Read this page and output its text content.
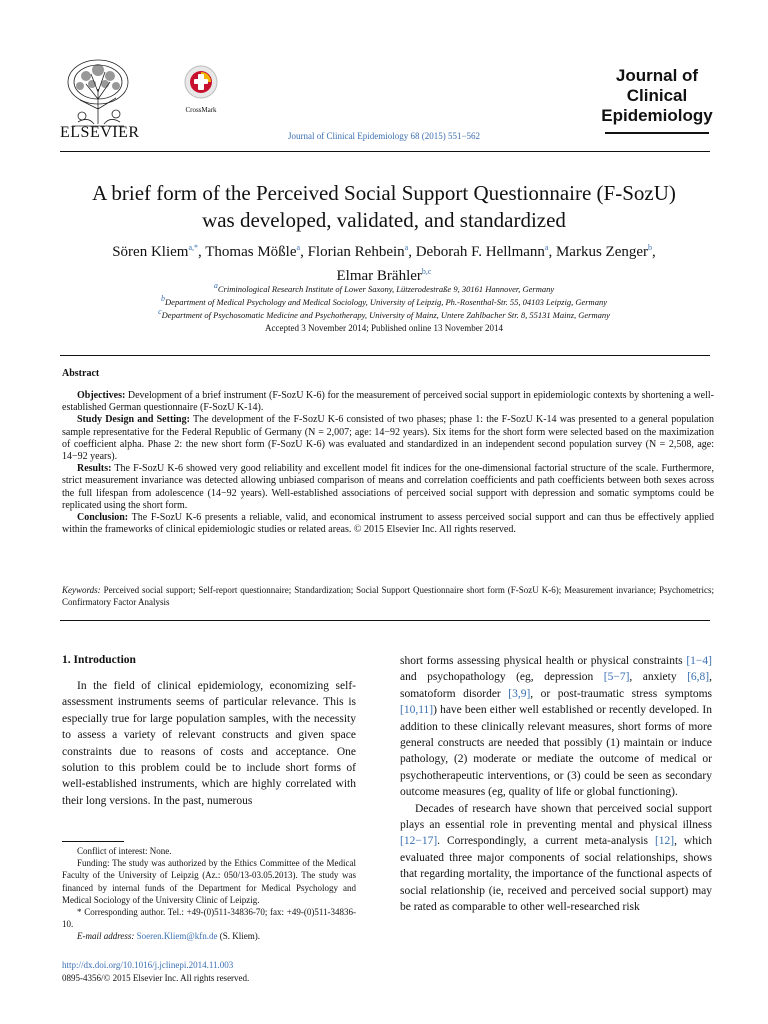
ELSEVIER
CrossMark
Journal of Clinical Epidemiology 68 (2015) 551−562
Journal of
Clinical
Epidemiology
A brief form of the Perceived Social Support Questionnaire (F-SozU)
was developed, validated, and standardized
Sören Kliem$^{a,*}$, Thomas Mößle$^a$, Florian Rehbein$^a$, Deborah F. Hellmann$^a$, Markus Zenger$^b$,
Elmar Brähler$^{b,c}$
$^a$Criminological Research Institute of Lower Saxony, Lützerodestraße 9, 30161 Hannover, Germany
$^b$Department of Medical Psychology and Medical Sociology, University of Leipzig, Ph.-Rosenthal-Str. 55, 04103 Leipzig, Germany
$^c$Department of Psychosomatic Medicine and Psychotherapy, University of Mainz, Untere Zahlbacher Str. 8, 55131 Mainz, Germany
Accepted 3 November 2014; Published online 13 November 2014
Abstract

Objectives: Development of a brief instrument (F-SozU K-6) for the measurement of perceived social support in epidemiologic contexts by shortening a well-established German questionnaire (F-SozU K-14).

Study Design and Setting: The development of the F-SozU K-6 consisted of two phases; phase 1: the F-SozU K-14 was presented to a general population sample representative for the Federal Republic of Germany (N = 2,007; age: 14−92 years). Six items for the short form were selected based on the maximization of coefficient alpha. Phase 2: the new short form (F-SozU K-6) was evaluated and standardized in an independent second population survey (N = 2,508, age: 14−92 years).

Results: The F-SozU K-6 showed very good reliability and excellent model fit indices for the one-dimensional factorial structure of the scale. Furthermore, strict measurement invariance was detected allowing unbiased comparison of means and correlation coefficients and path coefficients between both sexes across the full lifespan from adolescence (14−92 years). Well-established associations of perceived social support with depression and somatic symptoms could be replicated using the short form.

Conclusion: The F-SozU K-6 presents a reliable, valid, and economical instrument to assess perceived social support and can thus be effectively applied within the frameworks of clinical epidemiologic studies or related areas. © 2015 Elsevier Inc. All rights reserved.

Keywords: Perceived social support; Self-report questionnaire; Standardization; Social Support Questionnaire short form (F-SozU K-6); Measurement invariance; Psychometrics; Confirmatory Factor Analysis
1. Introduction

In the field of clinical epidemiology, economizing self-assessment instruments seems of particular relevance. This is especially true for large population samples, with the necessity to assess a variety of relevant constructs and given space constraints due to reasons of costs and acceptance. One solution to this problem could be to include short forms of well-established instruments, which are highly correlated with their long versions. In the past, numerous

short forms assessing physical health or physical constraints [1−4] and psychopathology (eg, depression [5−7], anxiety [6,8], somatoform disorder [3,9], or post-traumatic stress symptoms [10,11]) have been either well established or recently developed. In addition to these clinically relevant measures, short forms of more general constructs are needed that possibly (1) maintain or induce pathology, (2) moderate or mediate the outcome of medical or psychotherapeutic interventions, or (3) could be seen as secondary outcome measures (eg, quality of life or global functioning).

Decades of research have shown that perceived social support plays an essential role in preventing mental and physical illness [12−17]. Correspondingly, a current meta-analysis [12], which evaluated three major components of social relationships, shows that regarding mortality, the importance of the functional aspects of social relationship (ie, received and perceived social support) may be rated as comparable to other well-researched risk

Conflict of interest: None.

Funding: The study was authorized by the Ethics Committee of the Medical Faculty of the University of Leipzig (Az.: 050/13-03.05.2013). The study was financed by internal funds of the Department for Medical Psychology and Medical Sociology of the University Clinic of Leipzig.

* Corresponding author. Tel.: +49-(0)511-34836-70; fax: +49-(0)511-34836-10.

E-mail address: Soeren.Kliem@kfn.de (S. Kliem).

http://dx.doi.org/10.1016/j.jclinepi.2014.11.003
0895-4356/© 2015 Elsevier Inc. All rights reserved.
